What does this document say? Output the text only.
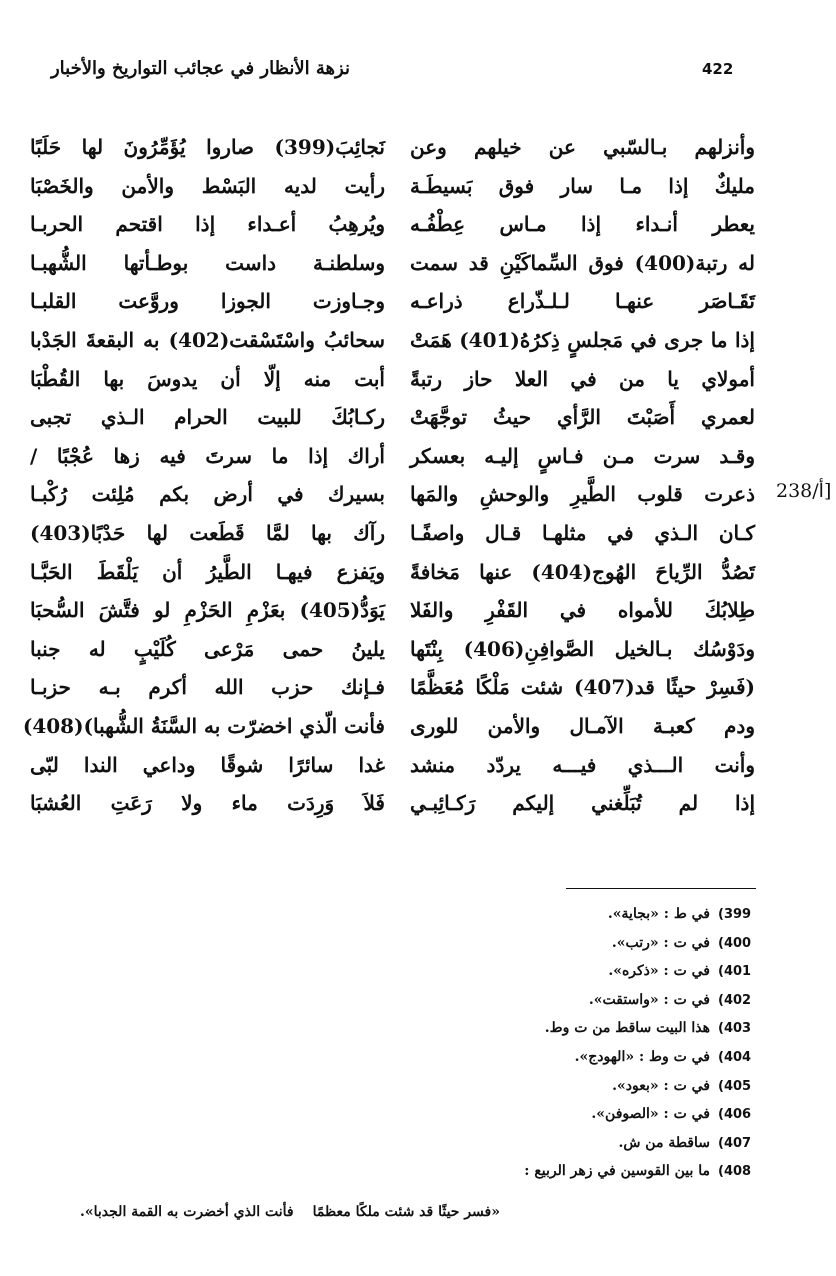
422
نزهة الأنظار في عجائب التواريخ والأخبار
238/أ]
وأنزلهم بـالسّبي عن خيلهم وعن
مليكٌ إذا مـا سار فوق بَسيطَـة
يعطر أنـداء إذا مـاس عِطْفُـه
له رتبة(400) فوق السِّماكَيْنِ قد سمت
تَقَـاصَر عنهـا لـلـذّراع ذراعـه
إذا ما جرى في مَجلسٍ ذِكرُهُ(401) هَمَتْ
أمولاي يا من في العلا حاز رتبةً
لعمري أَصَبْتَ الرَّأي حيثُ توجَّهَتْ
وقـد سرت مـن فـاسٍ إليـه بعسكر
ذعرت قلوب الطَّيرِ والوحشِ والمَها
كـان الـذي في مثلهـا قـال واصفًـا
تَصُدُّ الرِّياحَ الهُوج(404) عنها مَخافةً
طِلابُكَ للأمواه في القَفْرِ والفَلا
ودَوْسُك بـالخيل الصَّوافِنِ(406) بِنْتَها
(فَسِرْ حيثًا قد(407) شئت مَلْكًا مُعَظَّمًا
ودم كعبـة الآمـال والأمن للورى
وأنت الـــذي فيـــه يردّد منشد
إذا لم تُبَلِّغني إليكم رَكـائِبـي
نَجائِبَ(399) صاروا يُؤَمِّرُونَ لها حَلَبًا
رأيت لديه البَسْط والأمن والخَصْبَا
ويُرهِبُ أعـداء إذا اقتحم الحربـا
وسلطنـة داست بوطـأتها الشُّهبـا
وجـاوزت الجوزا وروَّعت القلبـا
سحائبُ واسْتَسْقت(402) به البقعةَ الجَدْبا
أبت منه إلّا أن يدوسَ بها القُطْبَا
ركـابُكَ للبيت الحرام الـذي تجبى
أراك إذا ما سرتَ فيه زها عُجْبًا /
بسيرك في أرض بكم مُلِئت رُكْبـا
رآك بها لمَّا قَطَعت لها حَدْبًا(403)
ويَفزع فيهـا الطَّيرُ أن يَلْقَطَ الحَبَّـا
يَوَدُّ(405) بعَزْمِ الحَزْمِ لو فتَّشَ السُّحبَا
يلينُ حمى مَرْعى كُلَيْبٍ له جنبا
فـإنك حزب الله أكرم بـه حزبـا
فأنت الّذي اخضرّت به السَّنَةُ الشُّهبا)(408)
غدا سائرًا شوقًا وداعي الندا لبّى
فَلاَ وَرِدَت ماء ولا رَعَتِ العُشبَا
399)في ط : «بجاية».
400)في ت : «رتب».
401)في ت : «ذكره».
402)في ت : «واستقت».
403)هذا البيت ساقط من ت وط.
404)في ت وط : «الهودج».
405)في ت : «بعود».
406)في ت : «الصوفن».
407)ساقطة من ش.
408)ما بين القوسين في زهر الربيع :
«فسر حيثًا قد شئت ملكًا معظمًا
فأنت الذي أخضرت به القمة الجدبا».
